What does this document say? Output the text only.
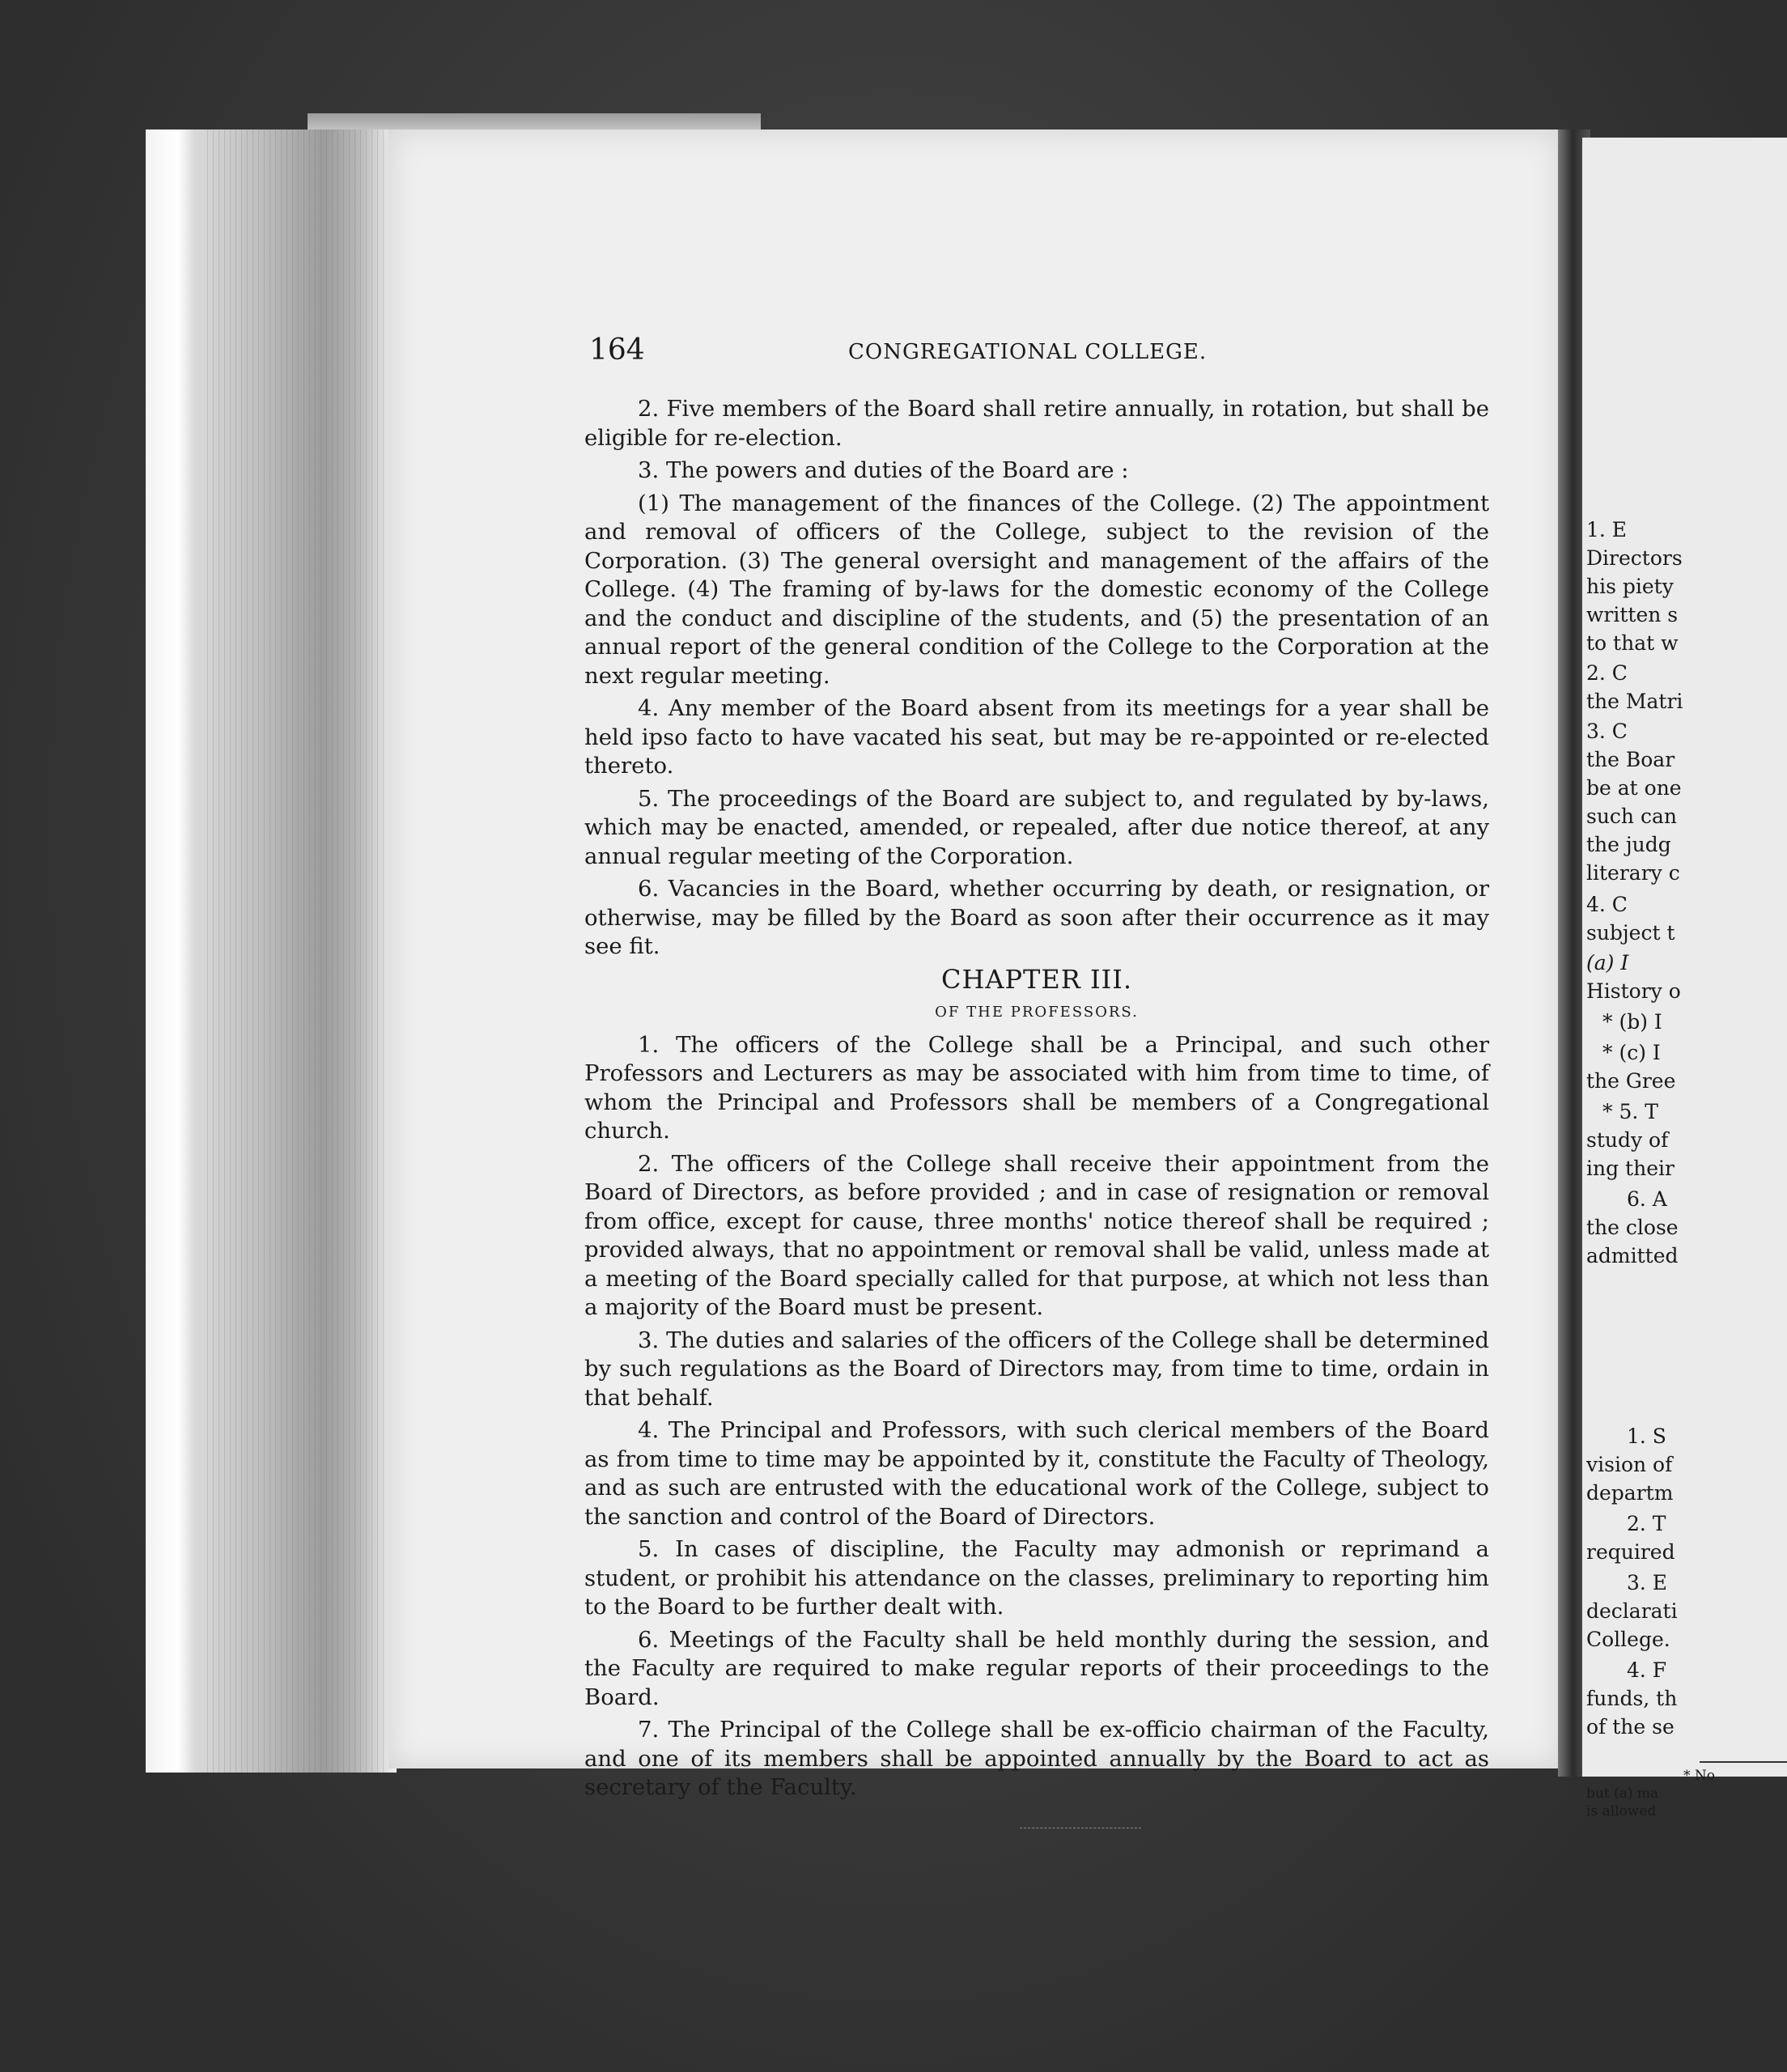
164	CONGREGATIONAL COLLEGE.

2. Five members of the Board shall retire annually, in rotation, but shall be eligible for re-election.

3. The powers and duties of the Board are :

(1) The management of the finances of the College. (2) The appointment and removal of officers of the College, subject to the revision of the Corporation. (3) The general oversight and management of the affairs of the College. (4) The framing of by-laws for the domestic economy of the College and the conduct and discipline of the students, and (5) the presentation of an annual report of the general condition of the College to the Corporation at the next regular meeting.

4. Any member of the Board absent from its meetings for a year shall be held ipso facto to have vacated his seat, but may be re-appointed or re-elected thereto.

5. The proceedings of the Board are subject to, and regulated by by-laws, which may be enacted, amended, or repealed, after due notice thereof, at any annual regular meeting of the Corporation.

6. Vacancies in the Board, whether occurring by death, or resignation, or otherwise, may be filled by the Board as soon after their occurrence as it may see fit.

CHAPTER III.

OF THE PROFESSORS.

1. The officers of the College shall be a Principal, and such other Professors and Lecturers as may be associated with him from time to time, of whom the Principal and Professors shall be members of a Congregational church.

2. The officers of the College shall receive their appointment from the Board of Directors, as before provided ; and in case of resignation or removal from office, except for cause, three months' notice thereof shall be required ; provided always, that no appointment or removal shall be valid, unless made at a meeting of the Board specially called for that purpose, at which not less than a majority of the Board must be present.

3. The duties and salaries of the officers of the College shall be determined by such regulations as the Board of Directors may, from time to time, ordain in that behalf.

4. The Principal and Professors, with such clerical members of the Board as from time to time may be appointed by it, constitute the Faculty of Theology, and as such are entrusted with the educational work of the College, subject to the sanction and control of the Board of Directors.

5. In cases of discipline, the Faculty may admonish or reprimand a student, or prohibit his attendance on the classes, preliminary to reporting him to the Board to be further dealt with.

6. Meetings of the Faculty shall be held monthly during the session, and the Faculty are required to make regular reports of their proceedings to the Board.

7. The Principal of the College shall be ex-officio chairman of the Faculty, and one of its members shall be appointed annually by the Board to act as secretary of the Faculty.

1. E
Directors
his piety
written s
to that w
2. C
the Matri
3. C
the Boar
be at one
such can
the judg
literary c
4. C
subject t
(a) I
History o
* (b) I
* (c) I
the Gree
* 5. T
study of
ing their
6. A
the close
admitted
1. S
vision of
departm
2. T
required
3. E
declarati
College.
4. F
funds, th
of the se
* No
but (a) ma
is allowed
